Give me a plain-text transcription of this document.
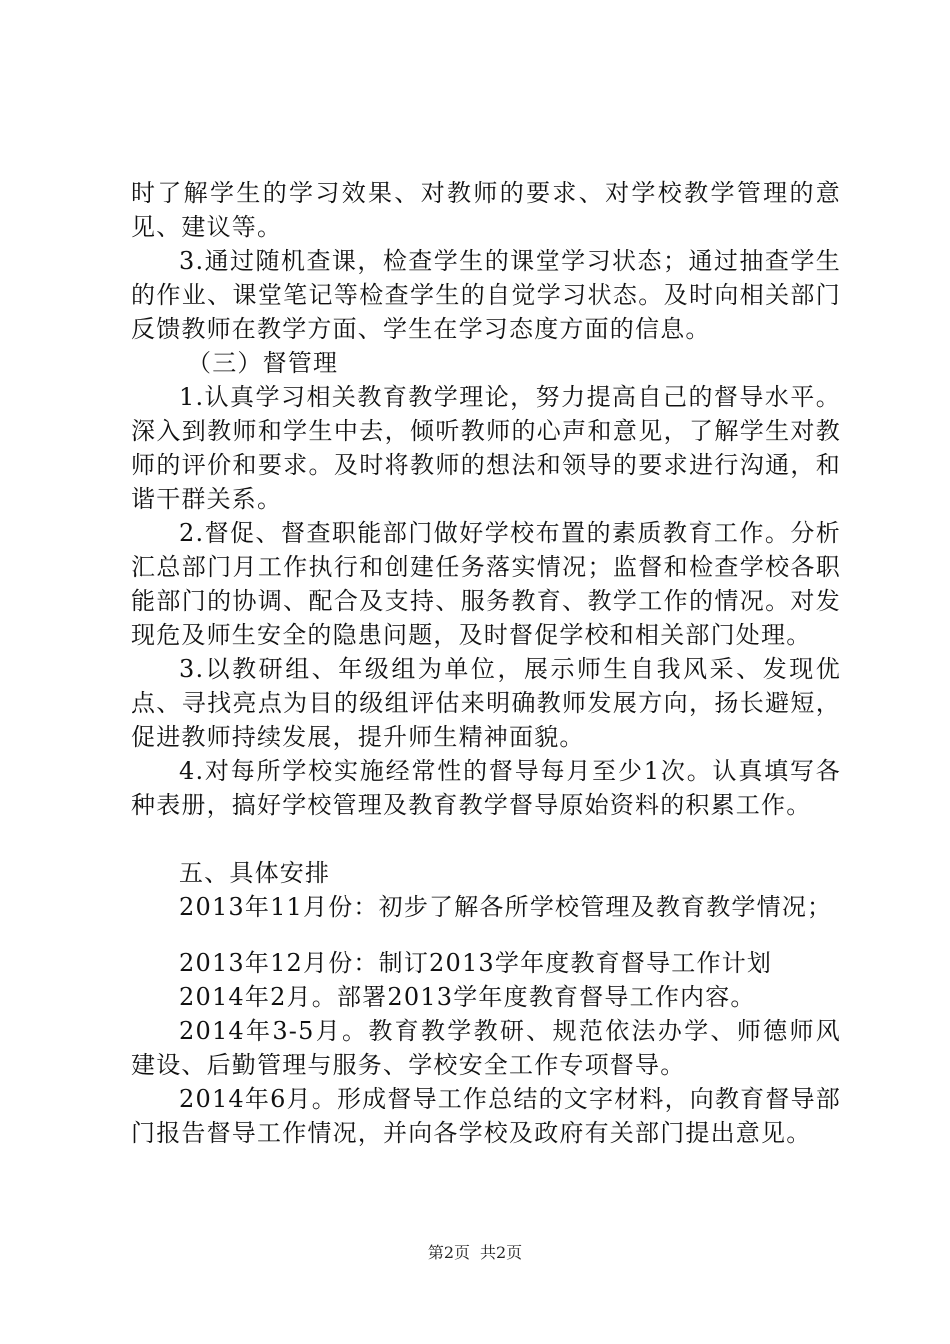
时了解学生的学习效果、对教师的要求、对学校教学管理的意见、建议等。

3.通过随机查课，检查学生的课堂学习状态；通过抽查学生的作业、课堂笔记等检查学生的自觉学习状态。及时向相关部门反馈教师在教学方面、学生在学习态度方面的信息。

（三）督管理

1.认真学习相关教育教学理论，努力提高自己的督导水平。深入到教师和学生中去，倾听教师的心声和意见，了解学生对教师的评价和要求。及时将教师的想法和领导的要求进行沟通，和谐干群关系。

2.督促、督查职能部门做好学校布置的素质教育工作。分析汇总部门月工作执行和创建任务落实情况；监督和检查学校各职能部门的协调、配合及支持、服务教育、教学工作的情况。对发现危及师生安全的隐患问题，及时督促学校和相关部门处理。

3.以教研组、年级组为单位，展示师生自我风采、发现优点、寻找亮点为目的级组评估来明确教师发展方向，扬长避短，促进教师持续发展，提升师生精神面貌。

4.对每所学校实施经常性的督导每月至少1次。认真填写各种表册，搞好学校管理及教育教学督导原始资料的积累工作。

五、具体安排

2013年11月份：初步了解各所学校管理及教育教学情况；

2013年12月份：制订2013学年度教育督导工作计划

2014年2月。部署2013学年度教育督导工作内容。

2014年3-5月。教育教学教研、规范依法办学、师德师风建设、后勤管理与服务、学校安全工作专项督导。

2014年6月。形成督导工作总结的文字材料，向教育督导部门报告督导工作情况，并向各学校及政府有关部门提出意见。

第2页 共2页
